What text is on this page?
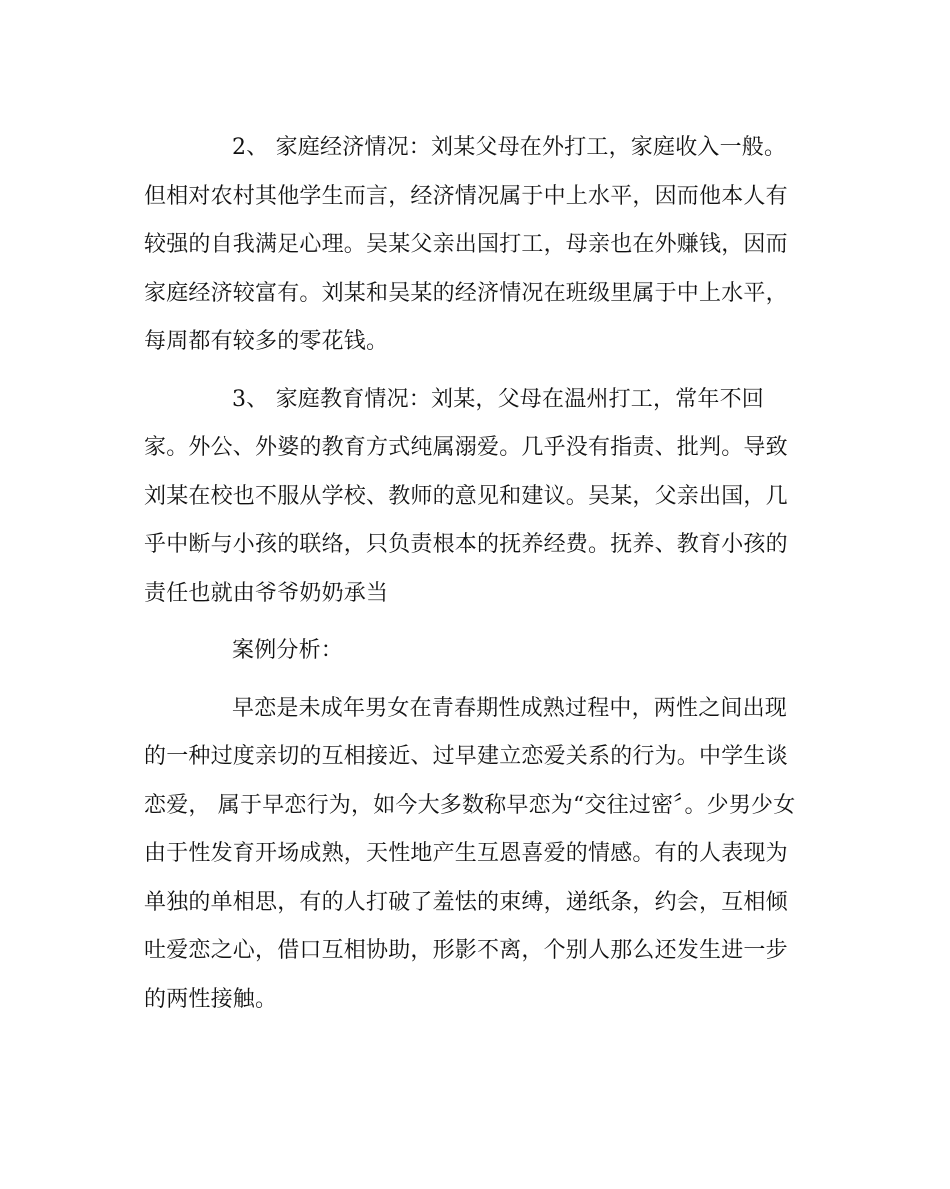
2、 家庭经济情况：刘某父母在外打工，家庭收入一般。但相对农村其他学生而言，经济情况属于中上水平，因而他本人有较强的自我满足心理。吴某父亲出国打工，母亲也在外赚钱，因而家庭经济较富有。刘某和吴某的经济情况在班级里属于中上水平，每周都有较多的零花钱。

3、 家庭教育情况：刘某，父母在温州打工，常年不回家。外公、外婆的教育方式纯属溺爱。几乎没有指责、批判。导致刘某在校也不服从学校、教师的意见和建议。吴某，父亲出国，几乎中断与小孩的联络，只负责根本的抚养经费。抚养、教育小孩的责任也就由爷爷奶奶承当

案例分析：

早恋是未成年男女在青春期性成熟过程中，两性之间出现的一种过度亲切的互相接近、过早建立恋爱关系的行为。中学生谈恋爱， 属于早恋行为，如今大多数称早恋为“交往过密〞。少男少女由于性发育开场成熟，天性地产生互恩喜爱的情感。有的人表现为单独的单相思，有的人打破了羞怯的束缚，递纸条，约会，互相倾吐爱恋之心，借口互相协助，形影不离，个别人那么还发生进一步的两性接触。
